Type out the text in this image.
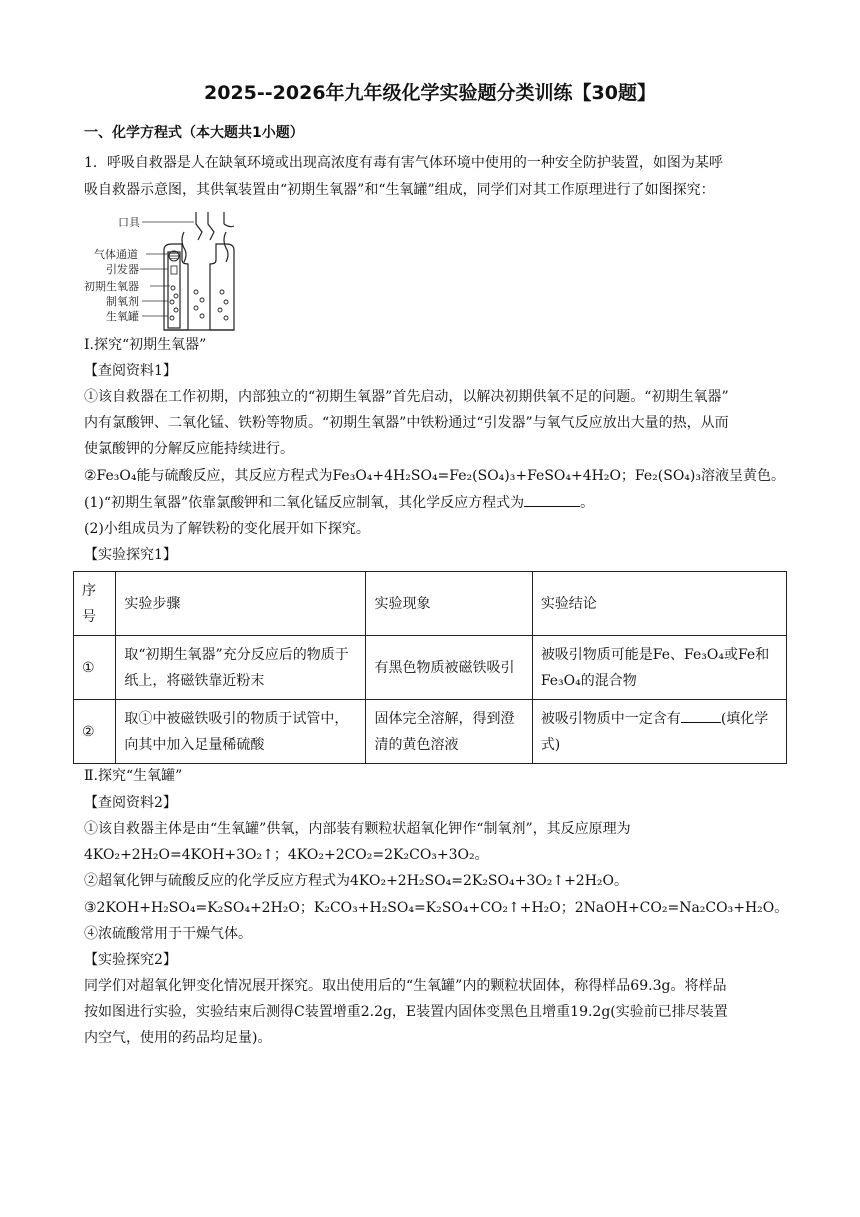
2025--2026年九年级化学实验题分类训练【30题】
一、化学方程式（本大题共1小题）
1．呼吸自救器是人在缺氧环境或出现高浓度有毒有害气体环境中使用的一种安全防护装置，如图为某呼
吸自救器示意图，其供氧装置由“初期生氧器”和“生氧罐”组成，同学们对其工作原理进行了如图探究：
口具
气体通道
引发器
初期生氧器
制氧剂
生氧罐
I.探究“初期生氧器”
【查阅资料1】
①该自救器在工作初期，内部独立的“初期生氧器”首先启动，以解决初期供氧不足的问题。“初期生氧器”
内有氯酸钾、二氧化锰、铁粉等物质。“初期生氧器”中铁粉通过“引发器”与氧气反应放出大量的热，从而
使氯酸钾的分解反应能持续进行。
②Fe₃O₄能与硫酸反应，其反应方程式为Fe₃O₄+4H₂SO₄=Fe₂(SO₄)₃+FeSO₄+4H₂O；Fe₂(SO₄)₃溶液呈黄色。
(1)“初期生氧器”依靠氯酸钾和二氧化锰反应制氧，其化学反应方程式为	。
(2)小组成员为了解铁粉的变化展开如下探究。
【实验探究1】
序号	实验步骤	实验现象	实验结论
①	取“初期生氧器”充分反应后的物质于纸上，将磁铁靠近粉末	有黑色物质被磁铁吸引	被吸引物质可能是Fe、Fe₃O₄或Fe和Fe₃O₄的混合物
②	取①中被磁铁吸引的物质于试管中，向其中加入足量稀硫酸	固体完全溶解，得到澄清的黄色溶液	被吸引物质中一定含有 (填化学式)
Ⅱ.探究“生氧罐”
【查阅资料2】
①该自救器主体是由“生氧罐”供氧，内部装有颗粒状超氧化钾作“制氧剂”，其反应原理为
4KO₂+2H₂O=4KOH+3O₂↑；4KO₂+2CO₂=2K₂CO₃+3O₂。
②超氧化钾与硫酸反应的化学反应方程式为4KO₂+2H₂SO₄=2K₂SO₄+3O₂↑+2H₂O。
③2KOH+H₂SO₄=K₂SO₄+2H₂O；K₂CO₃+H₂SO₄=K₂SO₄+CO₂↑+H₂O；2NaOH+CO₂=Na₂CO₃+H₂O。
④浓硫酸常用于干燥气体。
【实验探究2】
同学们对超氧化钾变化情况展开探究。取出使用后的“生氧罐”内的颗粒状固体，称得样品69.3g。将样品
按如图进行实验，实验结束后测得C装置增重2.2g，E装置内固体变黑色且增重19.2g(实验前已排尽装置
内空气，使用的药品均足量)。
